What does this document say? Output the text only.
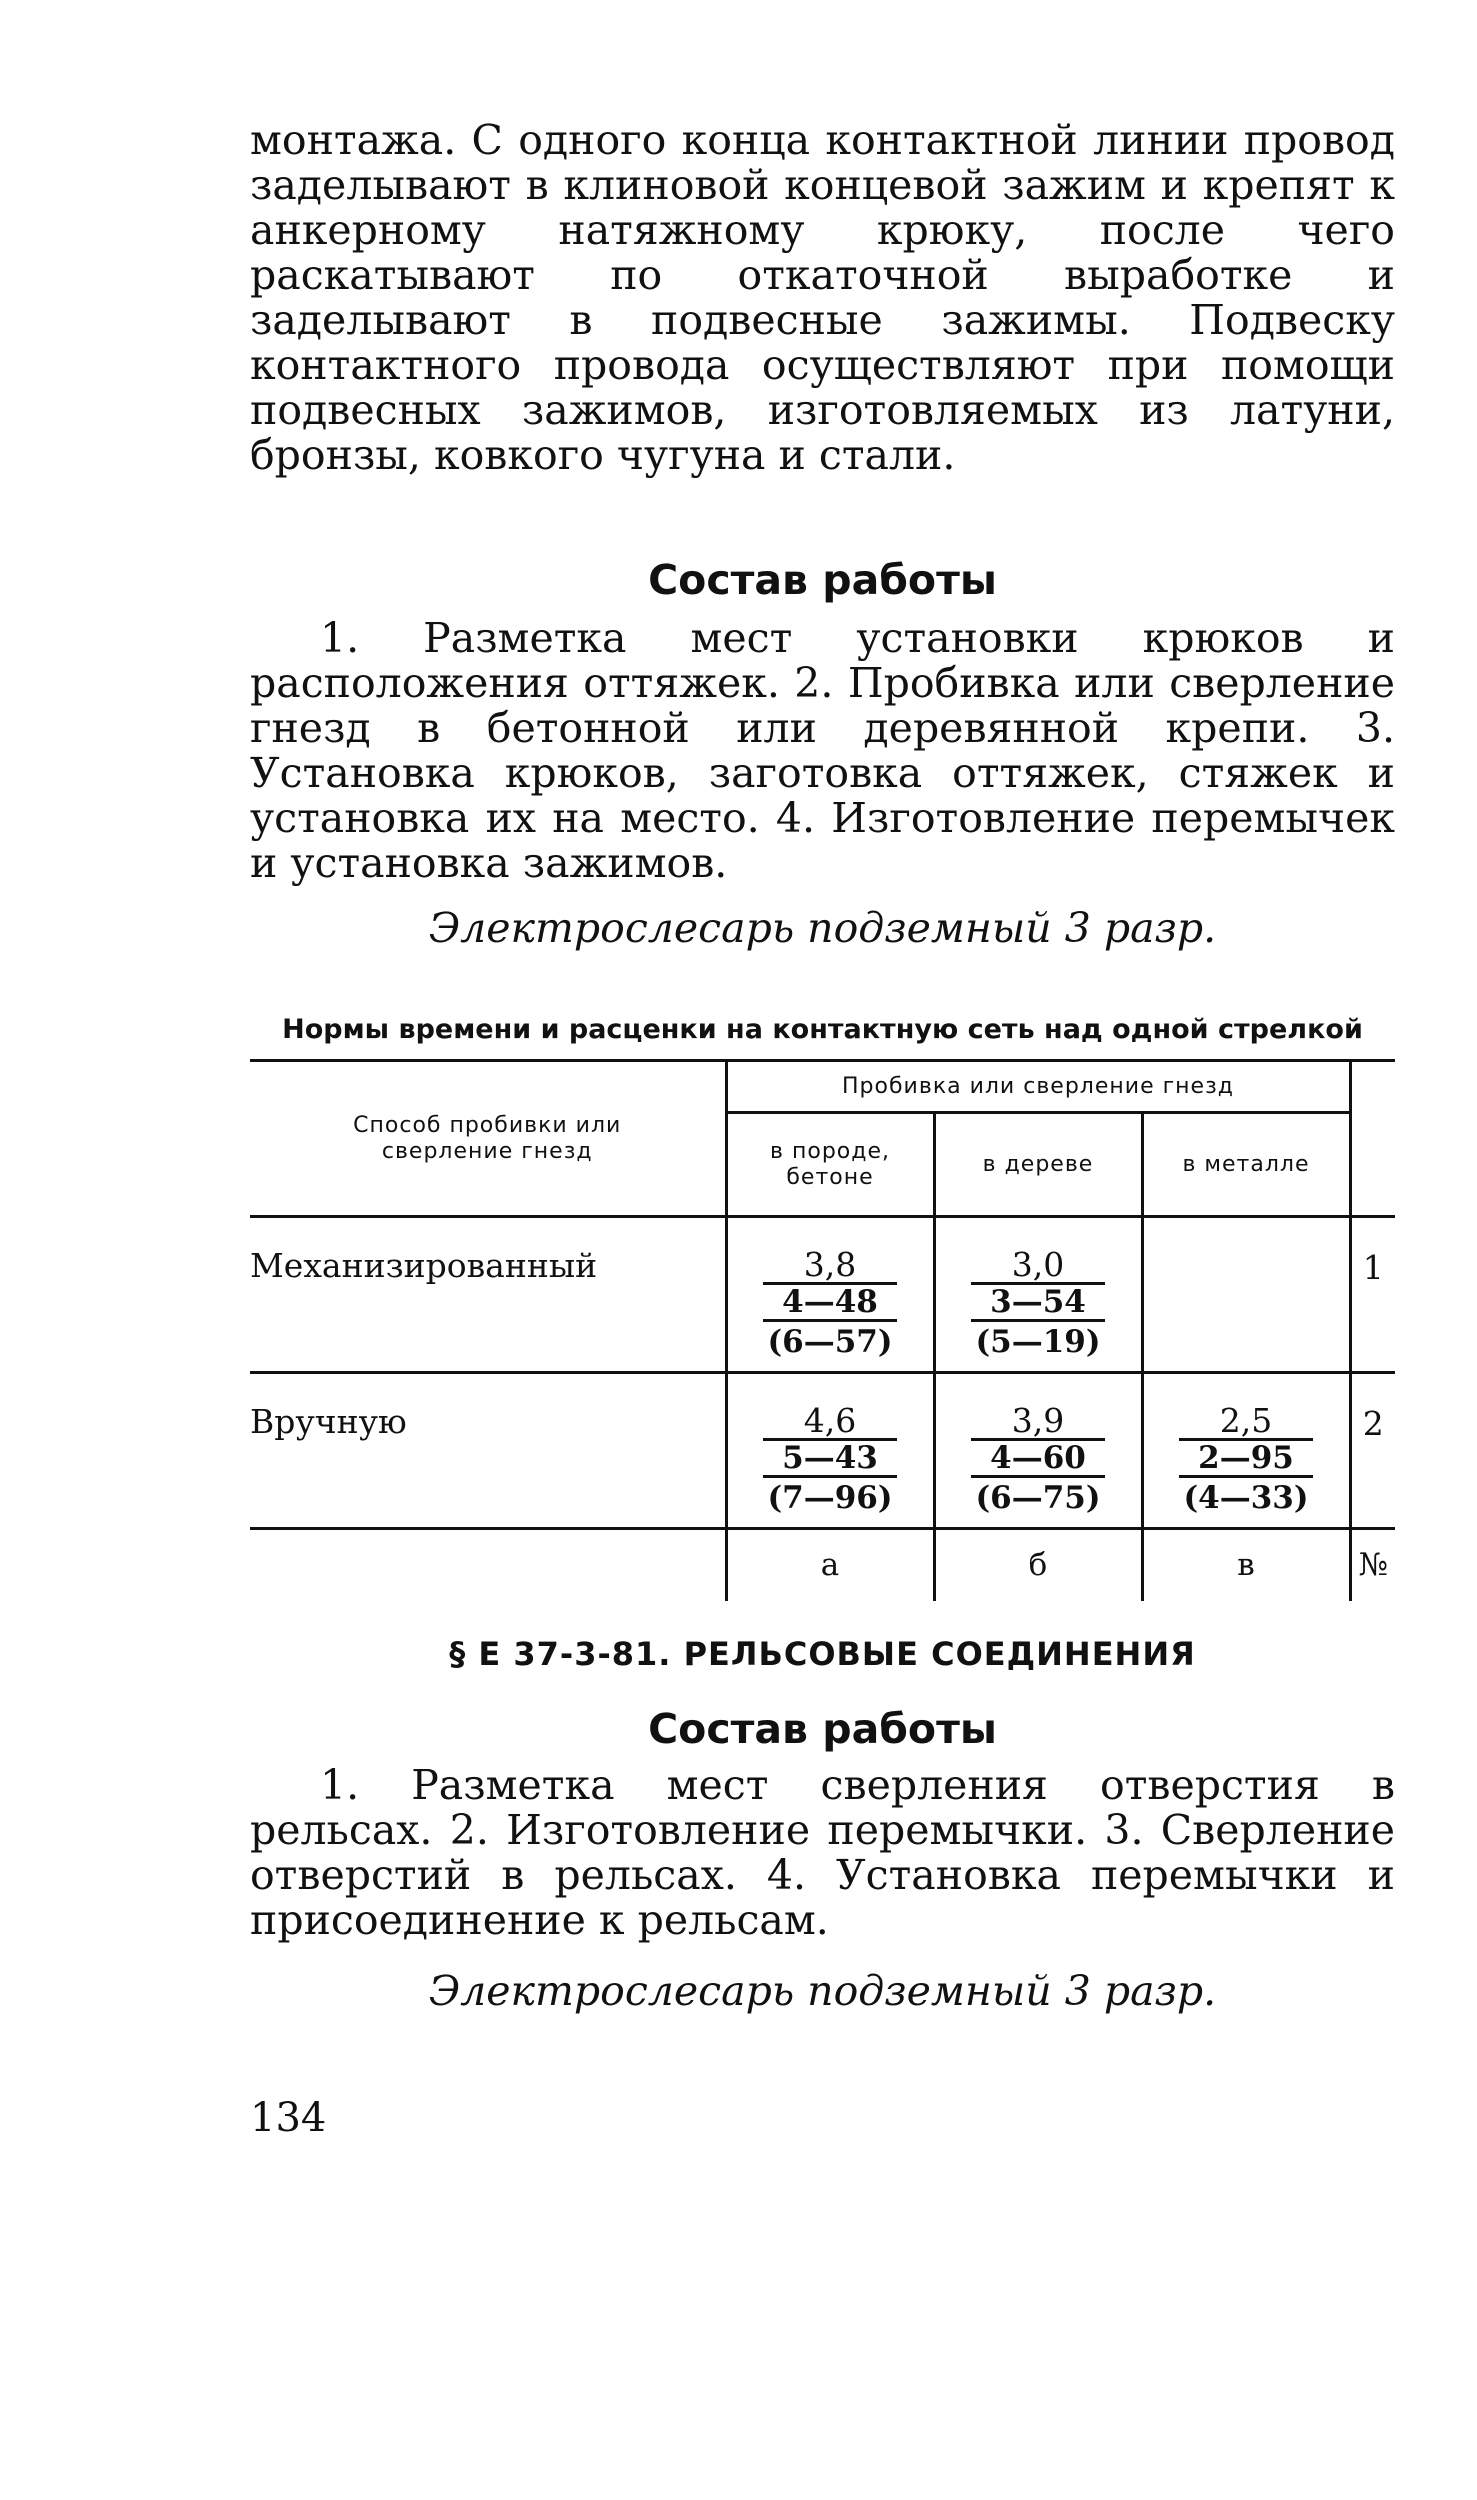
монтажа. С одного конца контактной линии провод заделывают в клиновой концевой зажим и крепят к анкерному натяжному крюку, после чего раскатывают по откаточной выработке и заделывают в подвесные зажимы. Подвеску контактного провода осуществляют при помощи подвесных зажимов, изготовляемых из латуни, бронзы, ковкого чугуна и стали.

Состав работы

1. Разметка мест установки крюков и расположения оттяжек. 2. Пробивка или сверление гнезд в бетонной или деревянной крепи. 3. Установка крюков, заготовка оттяжек, стяжек и установка их на место. 4. Изготовление перемычек и установка зажимов.

Электрослесарь подземный 3 разр.

Нормы времени и расценки на контактную сеть над одной стрелкой

Способ пробивки или сверление гнезд	Пробивка или сверление гнезд			
	в породе, бетоне	в дереве	в металле	
Механизированный	3,8
4—48
(6—57)	3,0
3—54
(5—19)		1
Вручную	4,6
5—43
(7—96)	3,9
4—60
(6—75)	2,5
2—95
(4—33)	2
	а	б	в	№

§ Е 37-3-81. РЕЛЬСОВЫЕ СОЕДИНЕНИЯ

Состав работы

1. Разметка мест сверления отверстия в рельсах. 2. Изготовление перемычки. 3. Сверление отверстий в рельсах. 4. Установка перемычки и присоединение к рельсам.

Электрослесарь подземный 3 разр.

134
